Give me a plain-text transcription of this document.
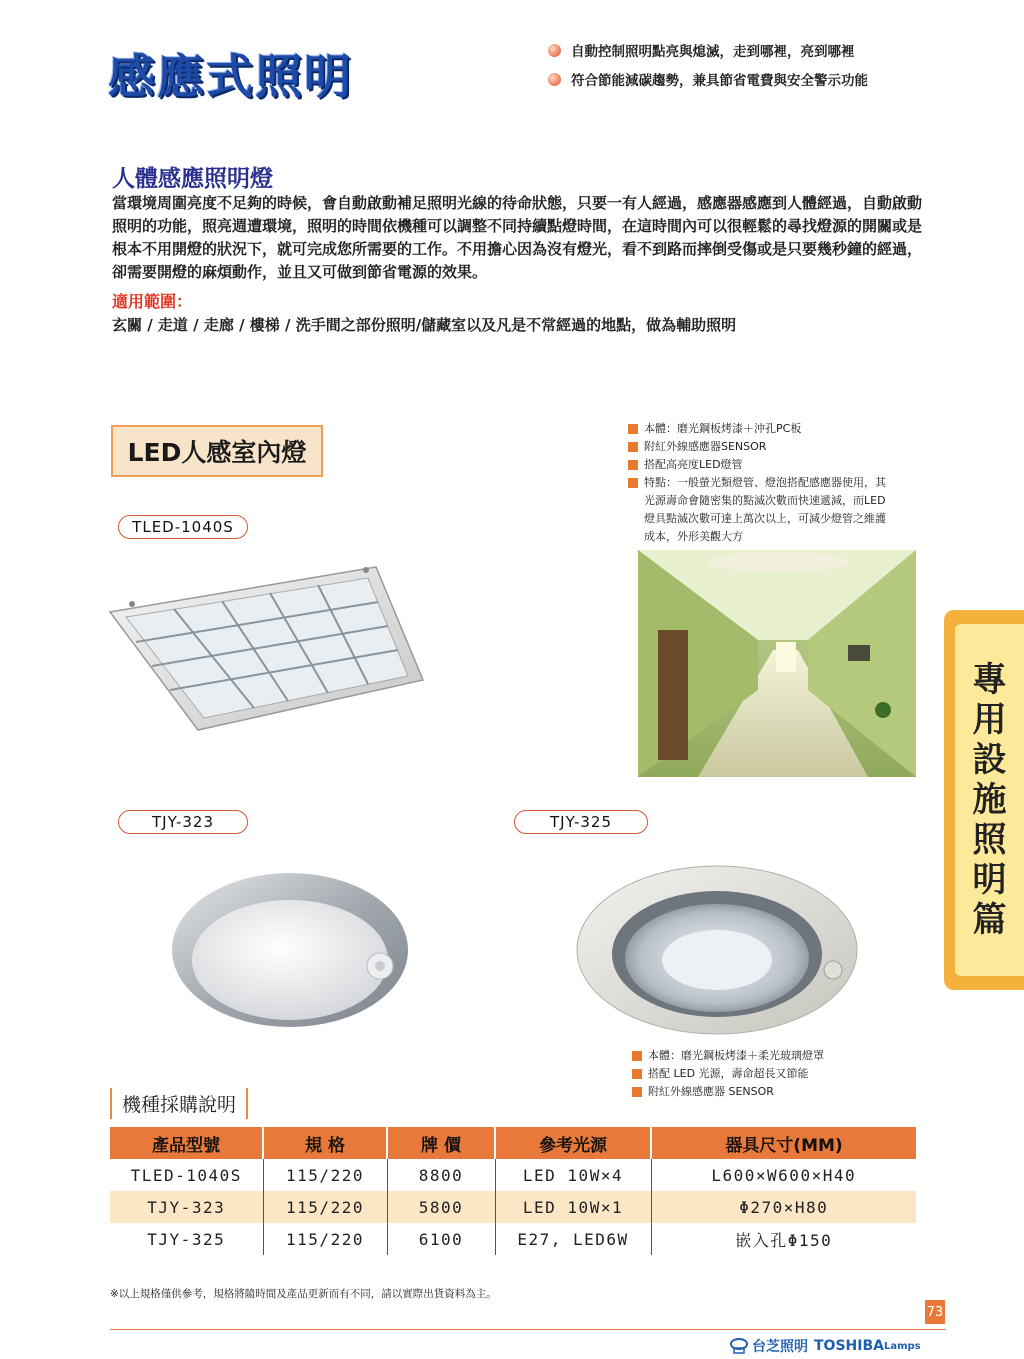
感應式照明	自動控制照明點亮與熄滅，走到哪裡，亮到哪裡
符合節能減碳趨勢，兼具節省電費與安全警示功能
人體感應照明燈
當環境周圍亮度不足夠的時候，會自動啟動補足照明光線的待命狀態，只要一有人經過，感應器感應到人體經過，自動啟動照明的功能，照亮週遭環境，照明的時間依機種可以調整不同持續點燈時間，在這時間內可以很輕鬆的尋找燈源的開關或是根本不用開燈的狀況下，就可完成您所需要的工作。不用擔心因為沒有燈光，看不到路而摔倒受傷或是只要幾秒鐘的經過，卻需要開燈的麻煩動作，並且又可做到節省電源的效果。
適用範圍：
玄關 / 走道 / 走廊 / 樓梯 / 洗手間之部份照明/儲藏室以及凡是不常經過的地點，做為輔助照明
LED人感室內燈
本體：磨光鋼板烤漆＋沖孔PC板
附紅外線感應器SENSOR
搭配高亮度LED燈管
特點：一般螢光類燈管、燈泡搭配感應器使用，其
光源壽命會隨密集的點滅次數而快速遞減，而LED
燈具點滅次數可達上萬次以上，可減少燈管之維護
成本，外形美觀大方
TLED-1040S
專
用
設
施
照
明
篇
TJY-323	TJY-325
本體：磨光鋼板烤漆＋柔光玻璃燈罩
搭配 LED 光源，壽命超長又節能
附紅外線感應器 SENSOR
機種採購說明
產品型號	規 格	牌 價	參考光源	器具尺寸(MM)
TLED-1040S	115/220	8800	LED 10W×4	L600×W600×H40
TJY-323	115/220	5800	LED 10W×1	Φ270×H80
TJY-325	115/220	6100	E27, LED6W	嵌入孔Φ150
※以上規格僅供參考，規格將隨時間及產品更新而有不同，請以實際出貨資料為主。
73
台芝照明 TOSHIBA Lamps
